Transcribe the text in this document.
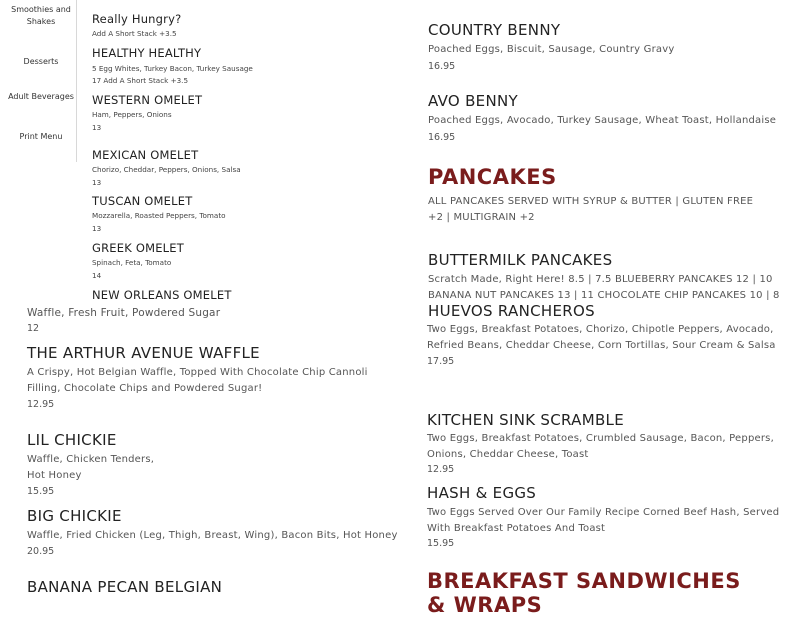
Smoothies and Shakes
Desserts
Adult Beverages
Print Menu
Really Hungry?
Add A Short Stack +3.5
HEALTHY HEALTHY
5 Egg Whites, Turkey Bacon, Turkey Sausage
17 Add A Short Stack +3.5
WESTERN OMELET
Ham, Peppers, Onions
13
MEXICAN OMELET
Chorizo, Cheddar, Peppers, Onions, Salsa
13
TUSCAN OMELET
Mozzarella, Roasted Peppers, Tomato
13
GREEK OMELET
Spinach, Feta, Tomato
14
NEW ORLEANS OMELET
Waffle, Fresh Fruit, Powdered Sugar
12
THE ARTHUR AVENUE WAFFLE
A Crispy, Hot Belgian Waffle, Topped With Chocolate Chip Cannoli Filling, Chocolate Chips and Powdered Sugar!
12.95
LIL CHICKIE
Waffle, Chicken Tenders,
Hot Honey
15.95
BIG CHICKIE
Waffle, Fried Chicken (Leg, Thigh, Breast, Wing), Bacon Bits, Hot Honey
20.95
BANANA PECAN BELGIAN
COUNTRY BENNY
Poached Eggs, Biscuit, Sausage, Country Gravy
16.95
AVO BENNY
Poached Eggs, Avocado, Turkey Sausage, Wheat Toast, Hollandaise
16.95
PANCAKES
ALL PANCAKES SERVED WITH SYRUP & BUTTER | GLUTEN FREE +2 | MULTIGRAIN +2
BUTTERMILK PANCAKES
Scratch Made, Right Here! 8.5 | 7.5 BLUEBERRY PANCAKES 12 | 10 BANANA NUT PANCAKES 13 | 11 CHOCOLATE CHIP PANCAKES 10 | 8
HUEVOS RANCHEROS
Two Eggs, Breakfast Potatoes, Chorizo, Chipotle Peppers, Avocado, Refried Beans, Cheddar Cheese, Corn Tortillas, Sour Cream & Salsa
17.95
KITCHEN SINK SCRAMBLE
Two Eggs, Breakfast Potatoes, Crumbled Sausage, Bacon, Peppers, Onions, Cheddar Cheese, Toast
12.95
HASH & EGGS
Two Eggs Served Over Our Family Recipe Corned Beef Hash, Served With Breakfast Potatoes And Toast
15.95
BREAKFAST SANDWICHES & WRAPS
